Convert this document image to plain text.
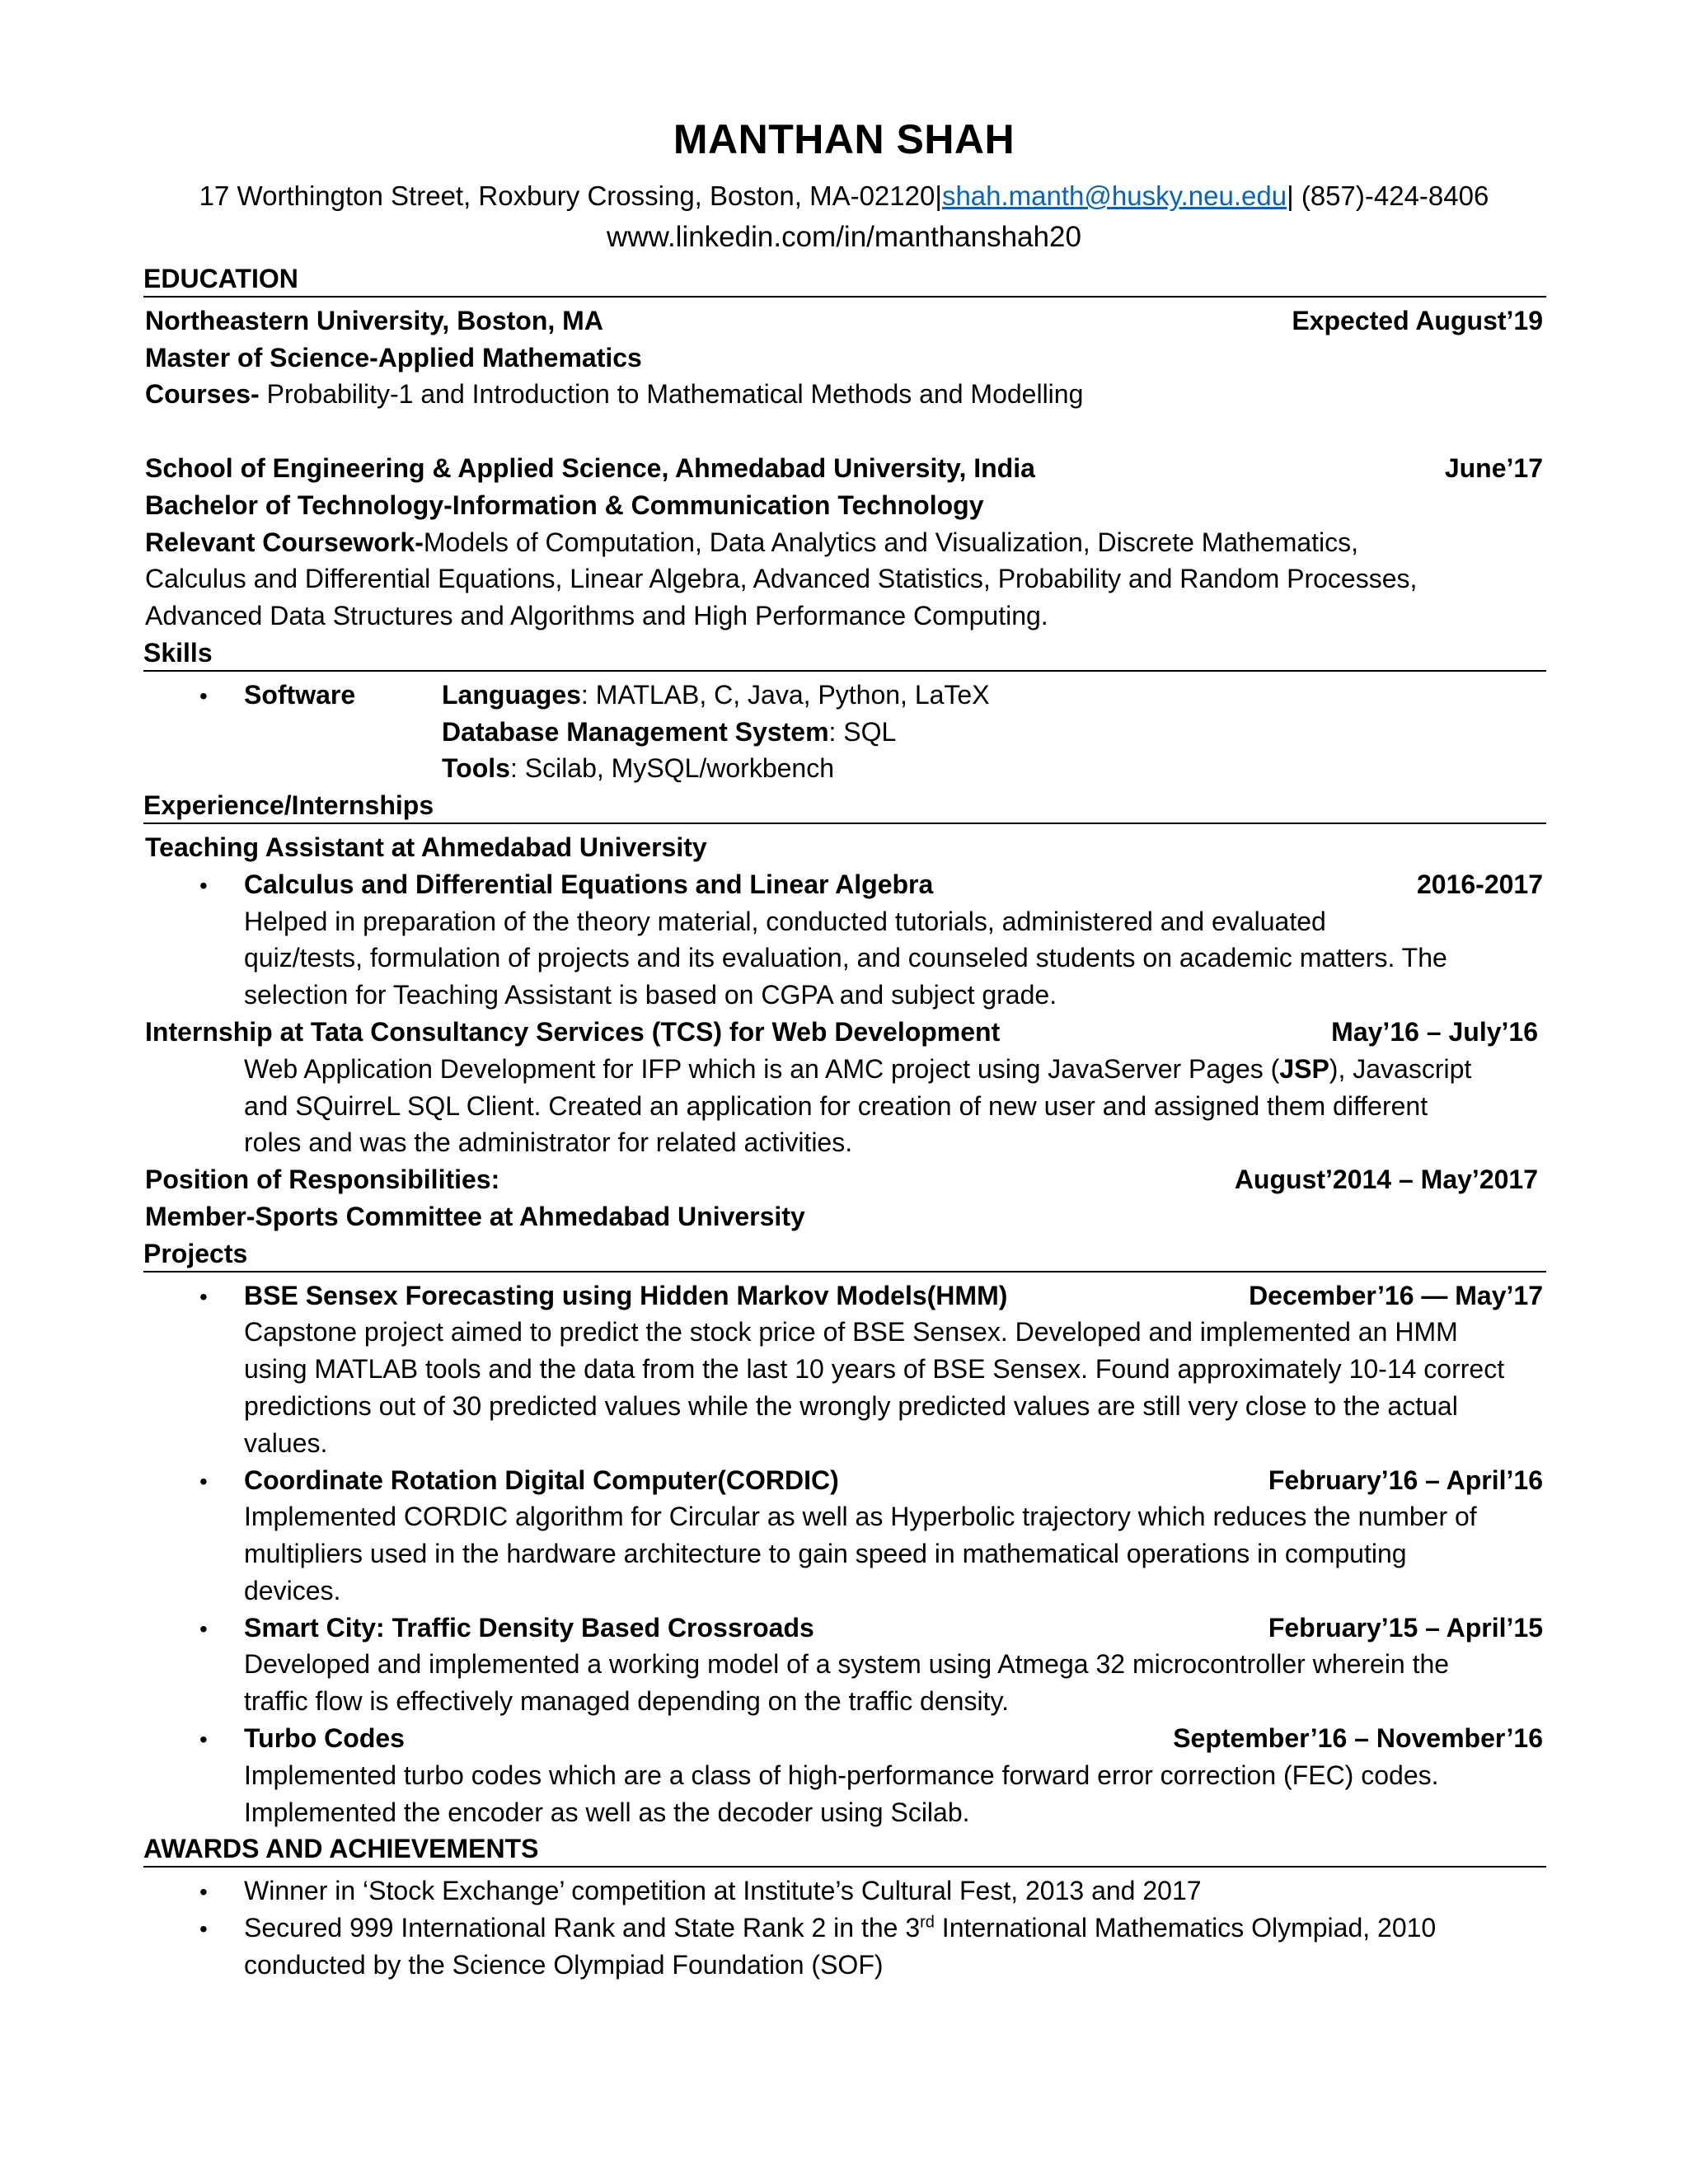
MANTHAN SHAH
17 Worthington Street, Roxbury Crossing, Boston, MA-02120|shah.manth@husky.neu.edu| (857)-424-8406
www.linkedin.com/in/manthanshah20
EDUCATION
Northeastern University, Boston, MA	Expected August’19
Master of Science-Applied Mathematics
Courses- Probability-1 and Introduction to Mathematical Methods and Modelling
School of Engineering & Applied Science, Ahmedabad University, India	June’17
Bachelor of Technology-Information & Communication Technology
Relevant Coursework-Models of Computation, Data Analytics and Visualization, Discrete Mathematics,
Calculus and Differential Equations, Linear Algebra, Advanced Statistics, Probability and Random Processes,
Advanced Data Structures and Algorithms and High Performance Computing.
Skills
•	Software	Languages: MATLAB, C, Java, Python, LaTeX
Database Management System: SQL
Tools: Scilab, MySQL/workbench
Experience/Internships
Teaching Assistant at Ahmedabad University
•	Calculus and Differential Equations and Linear Algebra	2016-2017
Helped in preparation of the theory material, conducted tutorials, administered and evaluated
quiz/tests, formulation of projects and its evaluation, and counseled students on academic matters. The
selection for Teaching Assistant is based on CGPA and subject grade.
Internship at Tata Consultancy Services (TCS) for Web Development	May’16 – July’16
Web Application Development for IFP which is an AMC project using JavaServer Pages (JSP), Javascript
and SQuirreL SQL Client. Created an application for creation of new user and assigned them different
roles and was the administrator for related activities.
Position of Responsibilities:	August’2014 – May’2017
Member-Sports Committee at Ahmedabad University
Projects
•	BSE Sensex Forecasting using Hidden Markov Models(HMM)	December’16 — May’17
Capstone project aimed to predict the stock price of BSE Sensex. Developed and implemented an HMM
using MATLAB tools and the data from the last 10 years of BSE Sensex. Found approximately 10-14 correct
predictions out of 30 predicted values while the wrongly predicted values are still very close to the actual
values.
•	Coordinate Rotation Digital Computer(CORDIC)	February’16 – April’16
Implemented CORDIC algorithm for Circular as well as Hyperbolic trajectory which reduces the number of
multipliers used in the hardware architecture to gain speed in mathematical operations in computing
devices.
•	Smart City: Traffic Density Based Crossroads	February’15 – April’15
Developed and implemented a working model of a system using Atmega 32 microcontroller wherein the
traffic flow is effectively managed depending on the traffic density.
•	Turbo Codes	September’16 – November’16
Implemented turbo codes which are a class of high-performance forward error correction (FEC) codes.
Implemented the encoder as well as the decoder using Scilab.
AWARDS AND ACHIEVEMENTS
•	Winner in ‘Stock Exchange’ competition at Institute’s Cultural Fest, 2013 and 2017
•	Secured 999 International Rank and State Rank 2 in the 3rd International Mathematics Olympiad, 2010
conducted by the Science Olympiad Foundation (SOF)
